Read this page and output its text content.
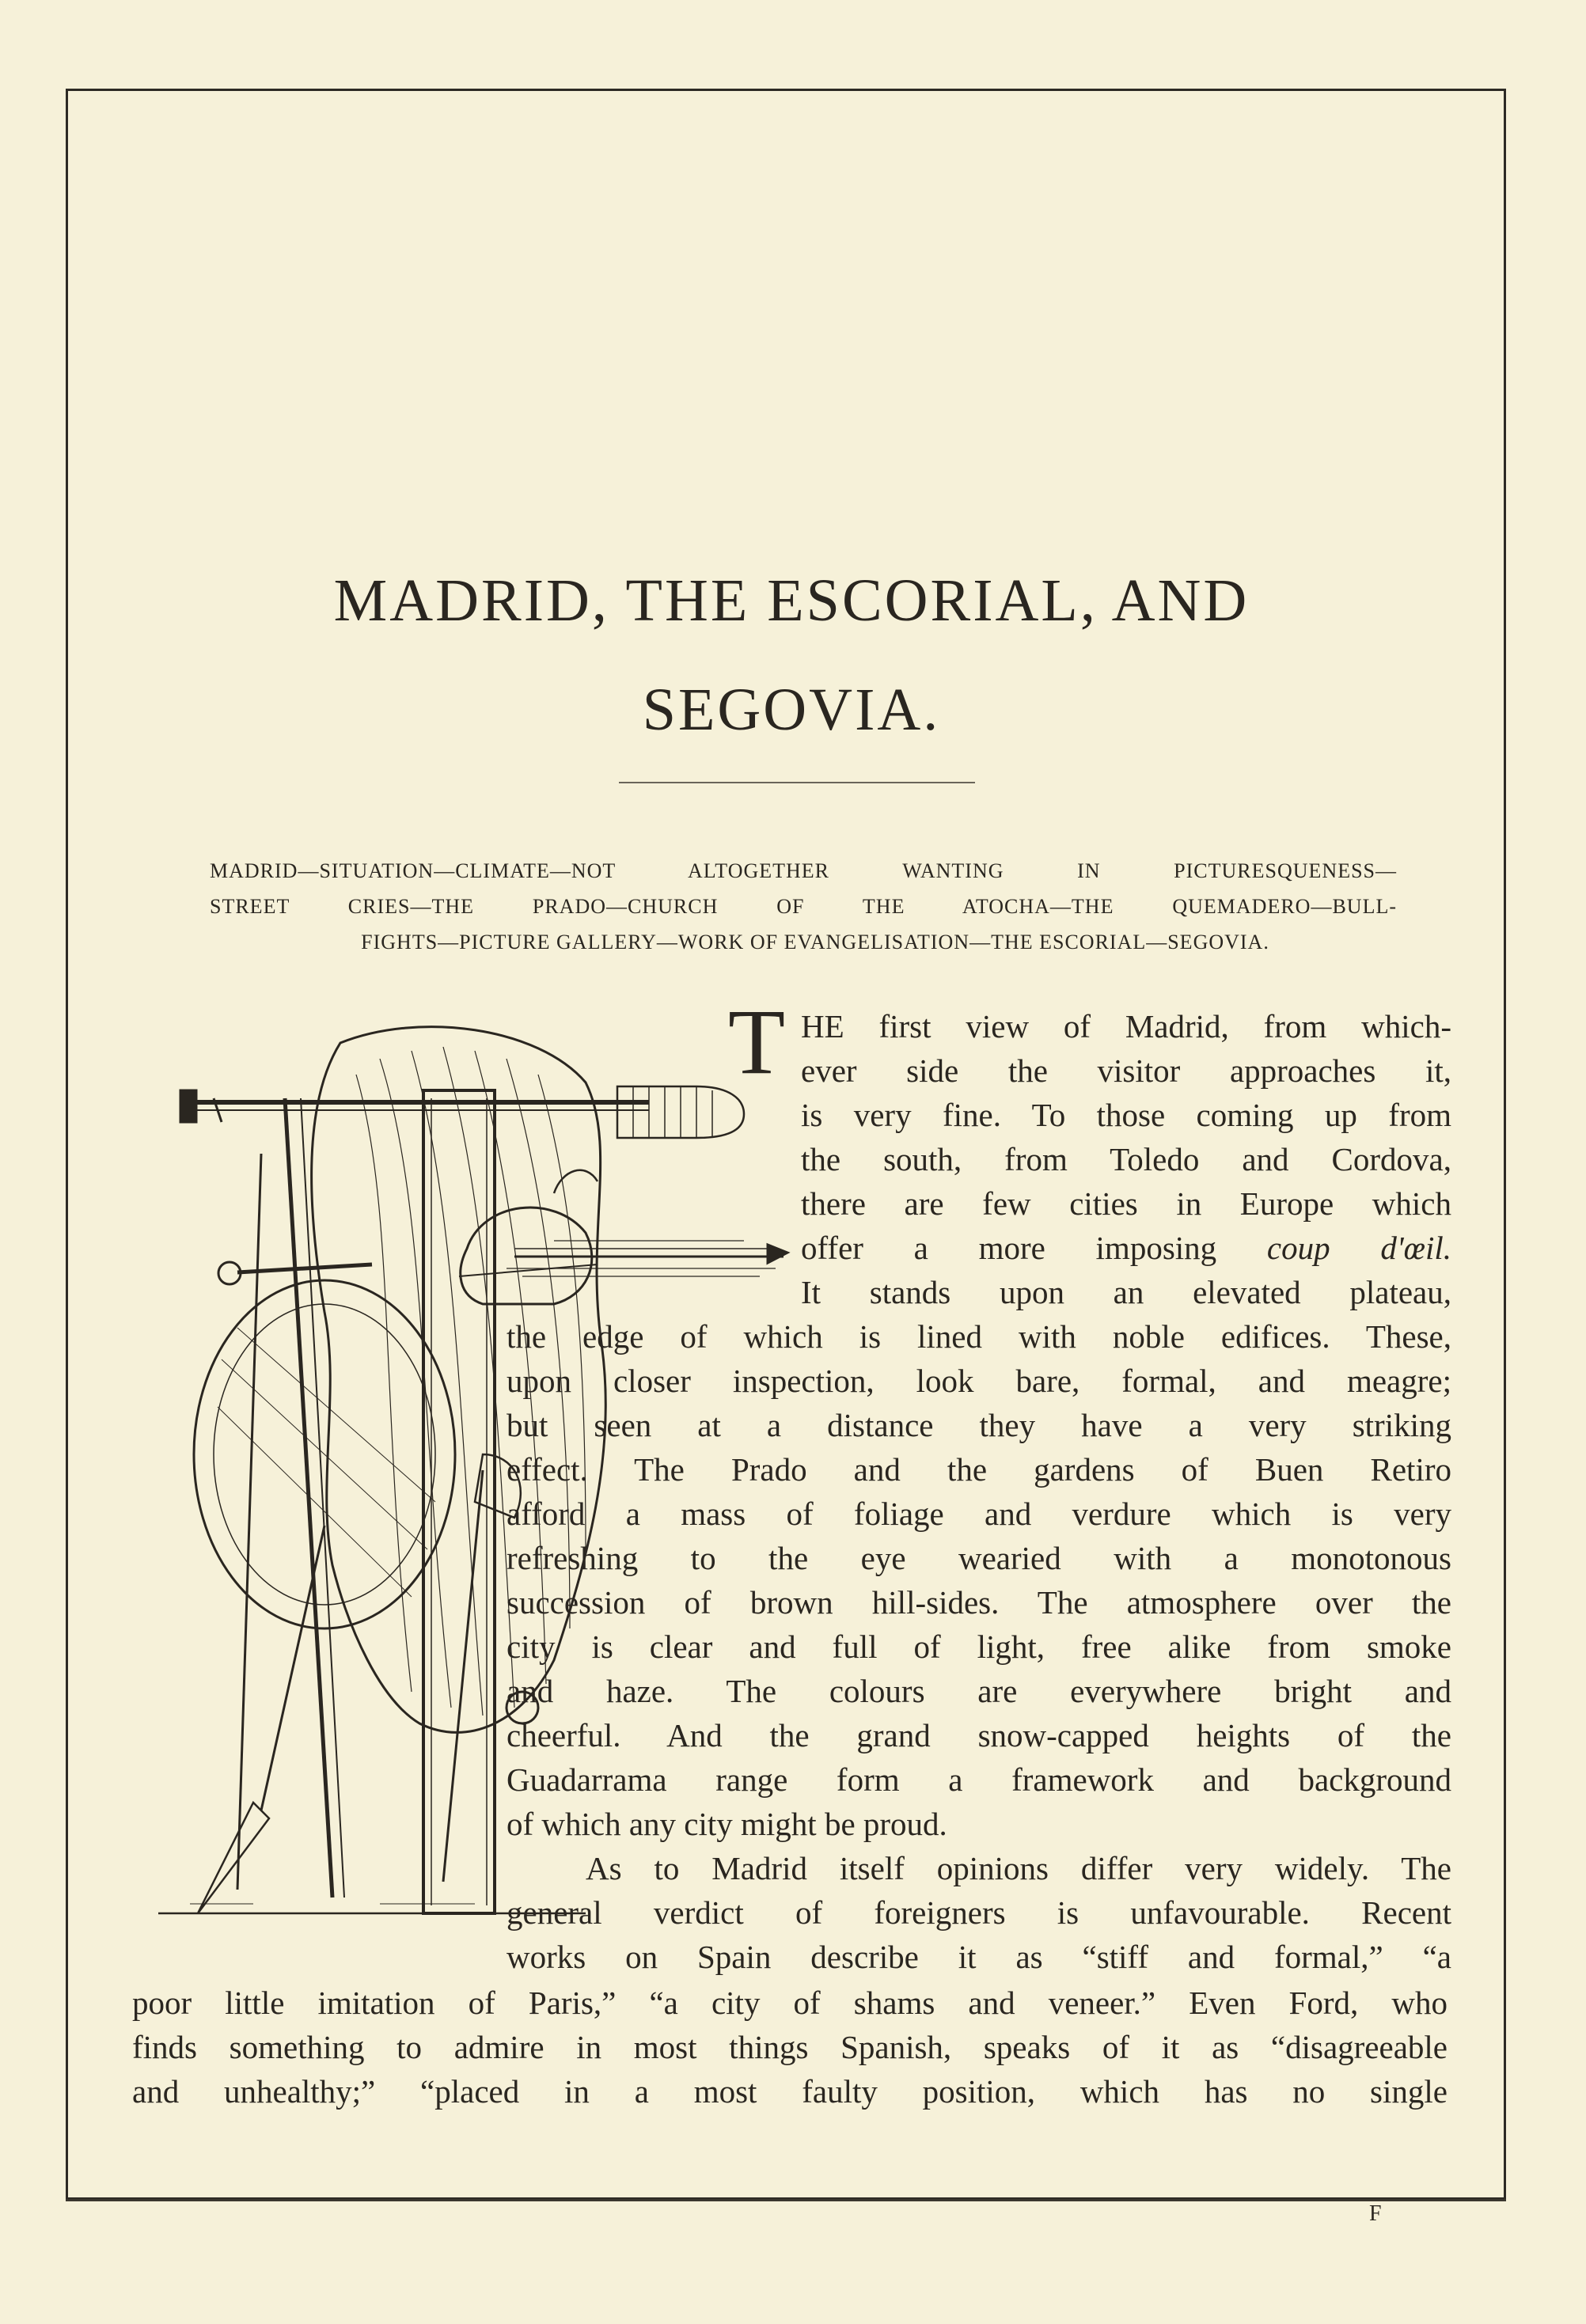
MADRID, THE ESCORIAL, AND
SEGOVIA.
MADRID—SITUATION—CLIMATE—NOT ALTOGETHER WANTING IN PICTURESQUENESS—
STREET CRIES—THE PRADO—CHURCH OF THE ATOCHA—THE QUEMADERO—BULL-
FIGHTS—PICTURE GALLERY—WORK OF EVANGELISATION—THE ESCORIAL—SEGOVIA.
T HE first view of Madrid, from which-
ever side the visitor approaches it,
is very fine. To those coming up from
the south, from Toledo and Cordova,
there are few cities in Europe which
offer a more imposing coup d'œil.
It stands upon an elevated plateau,
the edge of which is lined with noble edifices. These,
upon closer inspection, look bare, formal, and meagre;
but seen at a distance they have a very striking
effect. The Prado and the gardens of Buen Retiro
afford a mass of foliage and verdure which is very
refreshing to the eye wearied with a monotonous
succession of brown hill-sides. The atmosphere over the
city is clear and full of light, free alike from smoke
and haze. The colours are everywhere bright and
cheerful. And the grand snow-capped heights of the
Guadarrama range form a framework and background
of which any city might be proud.
As to Madrid itself opinions differ very widely. The
general verdict of foreigners is unfavourable. Recent
works on Spain describe it as “stiff and formal,” “a
poor little imitation of Paris,” “a city of shams and veneer.” Even Ford, who
finds something to admire in most things Spanish, speaks of it as “disagreeable
and unhealthy;” “placed in a most faulty position, which has no single
F
